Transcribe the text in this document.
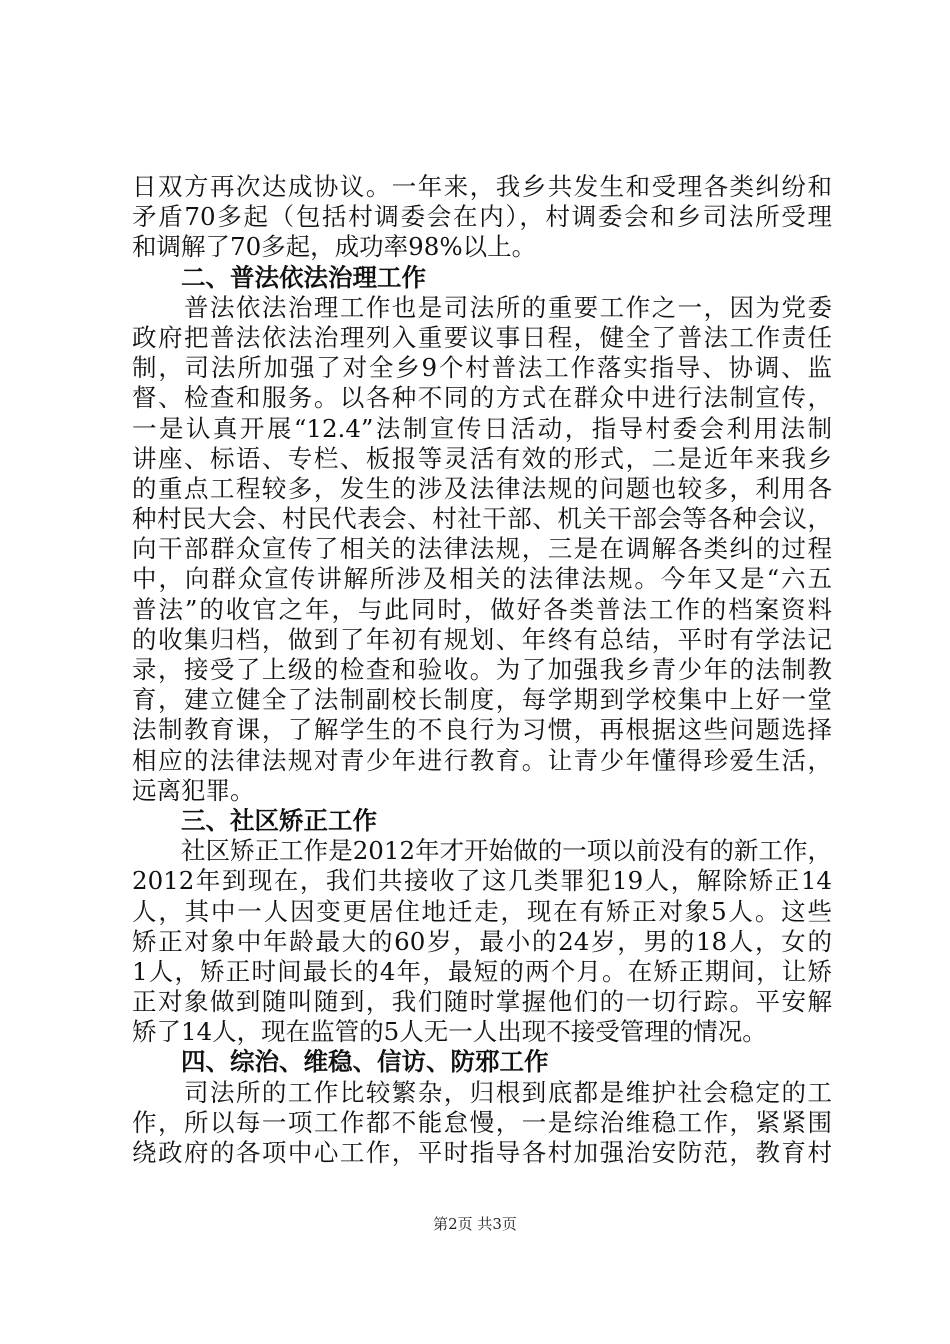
日双方再次达成协议。一年来，我乡共发生和受理各类纠纷和
矛盾70多起（包括村调委会在内），村调委会和乡司法所受理
和调解了70多起，成功率98%以上。
二、普法依法治理工作
　　普法依法治理工作也是司法所的重要工作之一，因为党委
政府把普法依法治理列入重要议事日程，健全了普法工作责任
制，司法所加强了对全乡9个村普法工作落实指导、协调、监
督、检查和服务。以各种不同的方式在群众中进行法制宣传，
一是认真开展“12.4”法制宣传日活动，指导村委会利用法制
讲座、标语、专栏、板报等灵活有效的形式，二是近年来我乡
的重点工程较多，发生的涉及法律法规的问题也较多，利用各
种村民大会、村民代表会、村社干部、机关干部会等各种会议，
向干部群众宣传了相关的法律法规，三是在调解各类纠的过程
中，向群众宣传讲解所涉及相关的法律法规。今年又是“六五
普法”的收官之年，与此同时，做好各类普法工作的档案资料
的收集归档，做到了年初有规划、年终有总结，平时有学法记
录，接受了上级的检查和验收。为了加强我乡青少年的法制教
育，建立健全了法制副校长制度，每学期到学校集中上好一堂
法制教育课，了解学生的不良行为习惯，再根据这些问题选择
相应的法律法规对青少年进行教育。让青少年懂得珍爱生活，
远离犯罪。
三、社区矫正工作
　　社区矫正工作是2012年才开始做的一项以前没有的新工作，
2012年到现在，我们共接收了这几类罪犯19人，解除矫正14
人，其中一人因变更居住地迁走，现在有矫正对象5人。这些
矫正对象中年龄最大的60岁，最小的24岁，男的18人，女的
1人，矫正时间最长的4年，最短的两个月。在矫正期间，让矫
正对象做到随叫随到，我们随时掌握他们的一切行踪。平安解
矫了14人，现在监管的5人无一人出现不接受管理的情况。
四、综治、维稳、信访、防邪工作
　　司法所的工作比较繁杂，归根到底都是维护社会稳定的工
作，所以每一项工作都不能怠慢，一是综治维稳工作，紧紧围
绕政府的各项中心工作，平时指导各村加强治安防范，教育村
第2页 共3页
